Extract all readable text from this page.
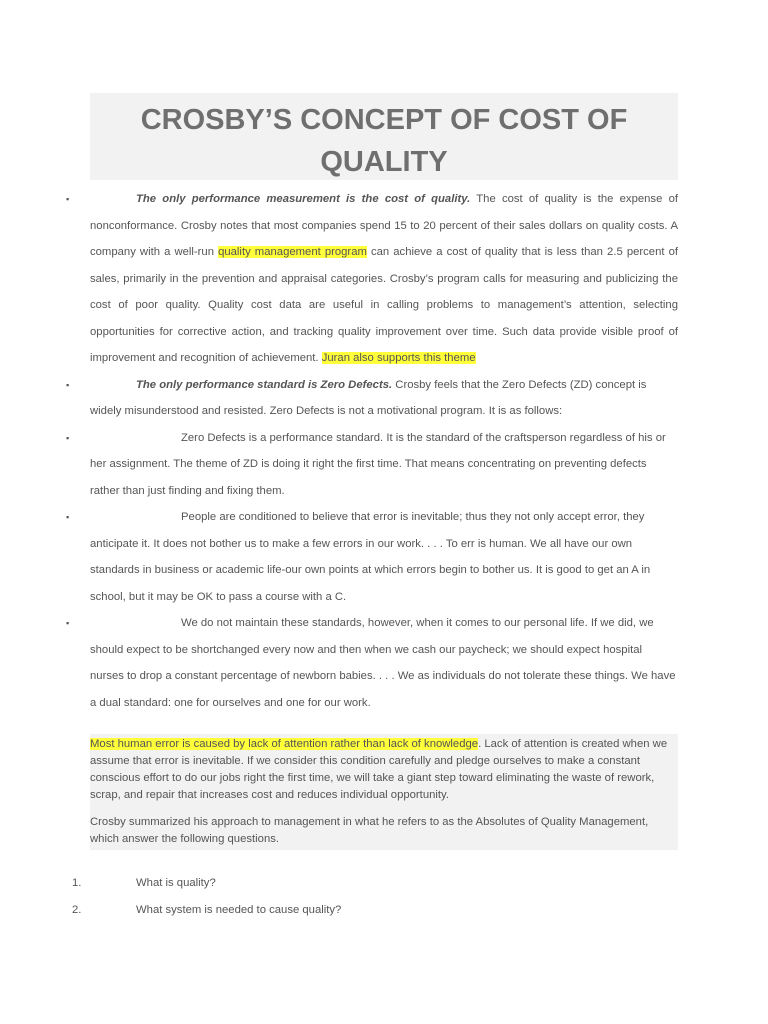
CROSBY’S CONCEPT OF COST OF QUALITY
▪ The only performance measurement is the cost of quality. The cost of quality is the expense of nonconformance. Crosby notes that most companies spend 15 to 20 percent of their sales dollars on quality costs. A company with a well-run quality management program can achieve a cost of quality that is less than 2.5 percent of sales, primarily in the prevention and appraisal categories. Crosby’s program calls for measuring and publicizing the cost of poor quality. Quality cost data are useful in calling problems to management’s attention, selecting opportunities for corrective action, and tracking quality improvement over time. Such data provide visible proof of improvement and recognition of achievement. Juran also supports this theme
▪ The only performance standard is Zero Defects. Crosby feels that the Zero Defects (ZD) concept is widely misunderstood and resisted. Zero Defects is not a motivational program. It is as follows:
▪ Zero Defects is a performance standard. It is the standard of the craftsperson regardless of his or her assignment. The theme of ZD is doing it right the first time. That means concentrating on preventing defects rather than just finding and fixing them.
▪ People are conditioned to believe that error is inevitable; thus they not only accept error, they anticipate it. It does not bother us to make a few errors in our work. . . . To err is human. We all have our own standards in business or academic life-our own points at which errors begin to bother us. It is good to get an A in school, but it may be OK to pass a course with a C.
▪ We do not maintain these standards, however, when it comes to our personal life. If we did, we should expect to be shortchanged every now and then when we cash our paycheck; we should expect hospital nurses to drop a constant percentage of newborn babies. . . . We as individuals do not tolerate these things. We have a dual standard: one for ourselves and one for our work.

Most human error is caused by lack of attention rather than lack of knowledge. Lack of attention is created when we assume that error is inevitable. If we consider this condition carefully and pledge ourselves to make a constant conscious effort to do our jobs right the first time, we will take a giant step toward eliminating the waste of rework, scrap, and repair that increases cost and reduces individual opportunity.

Crosby summarized his approach to management in what he refers to as the Absolutes of Quality Management, which answer the following questions.

1.	What is quality?
2.	What system is needed to cause quality?
